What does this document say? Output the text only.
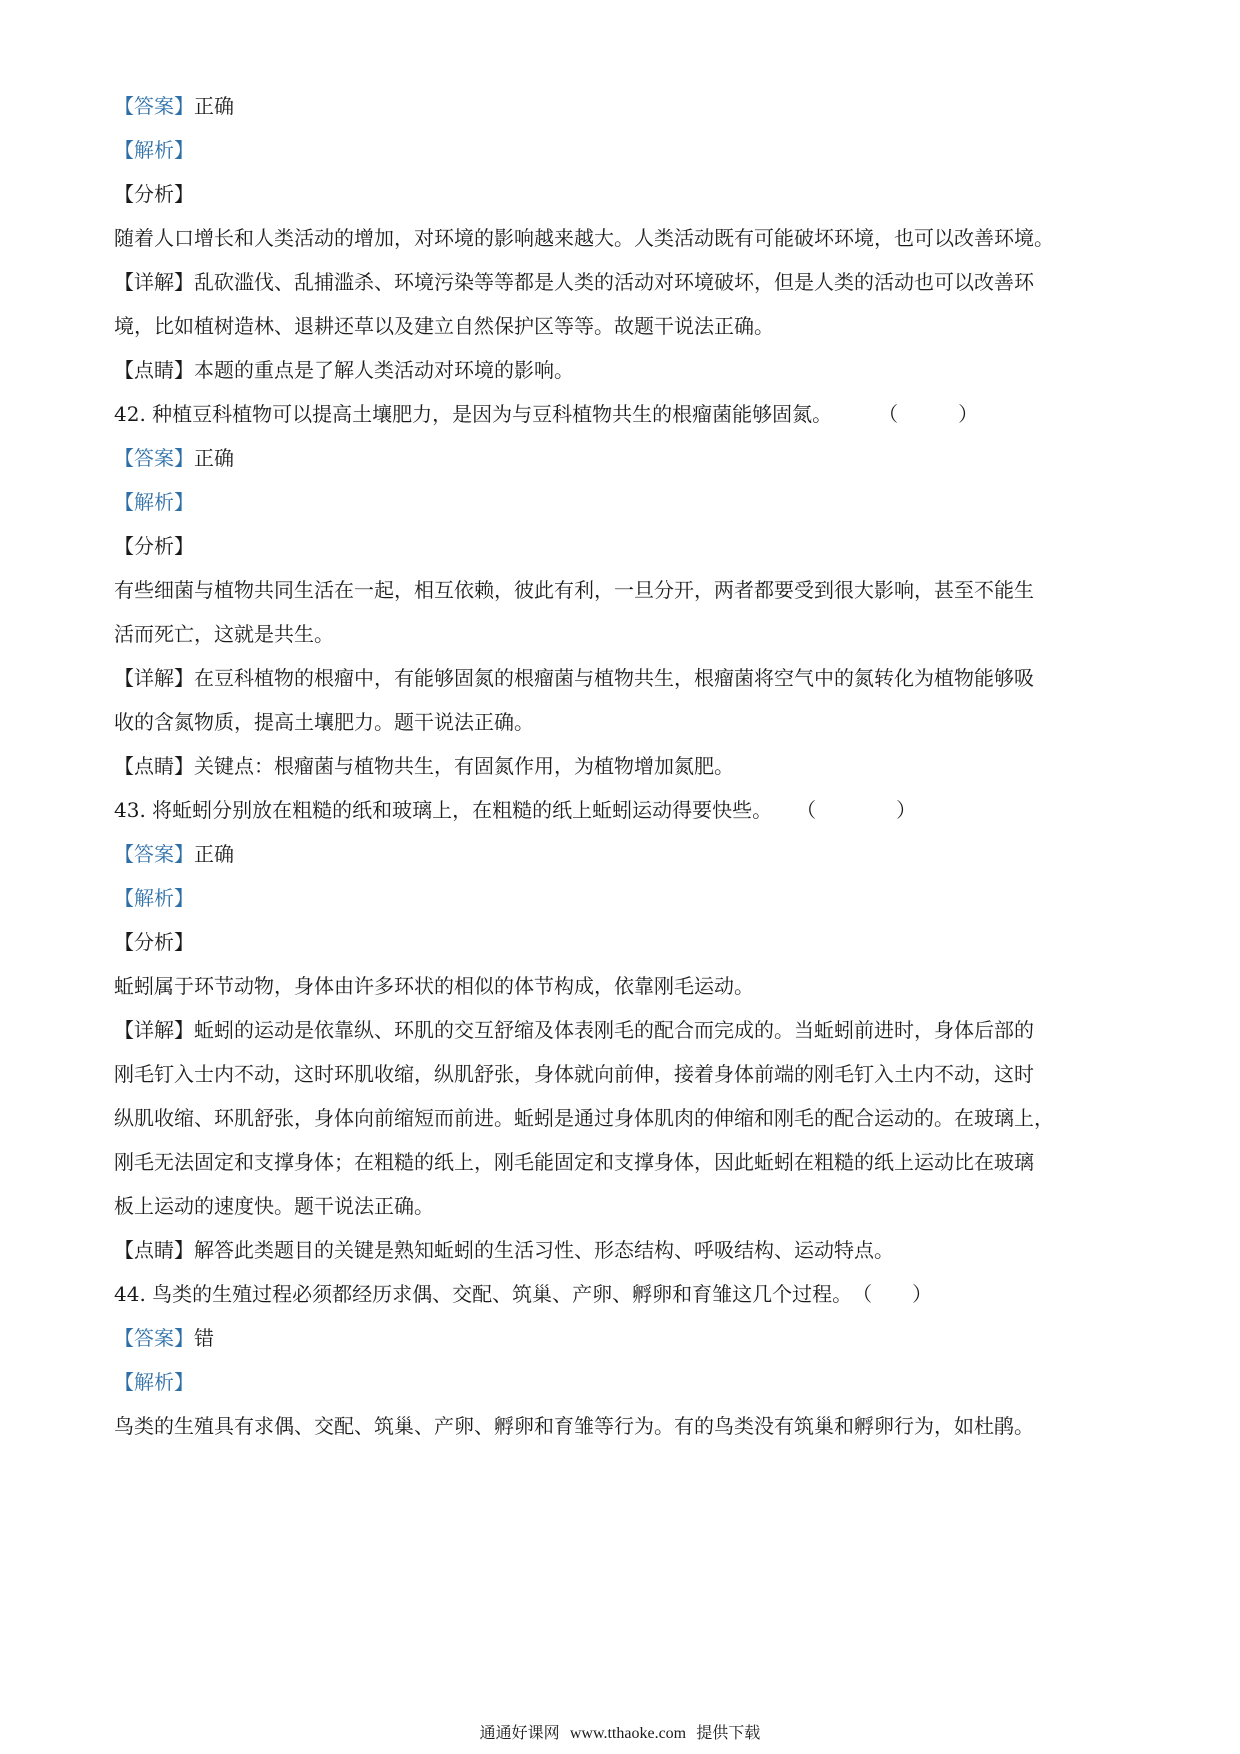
【答案】正确
【解析】
【分析】
随着人口增长和人类活动的增加，对环境的影响越来越大。人类活动既有可能破坏环境，也可以改善环境。
【详解】乱砍滥伐、乱捕滥杀、环境污染等等都是人类的活动对环境破坏，但是人类的活动也可以改善环
境，比如植树造林、退耕还草以及建立自然保护区等等。故题干说法正确。
【点睛】本题的重点是了解人类活动对环境的影响。
42. 种植豆科植物可以提高土壤肥力，是因为与豆科植物共生的根瘤菌能够固氮。 （　　　）
【答案】正确
【解析】
【分析】
有些细菌与植物共同生活在一起，相互依赖，彼此有利，一旦分开，两者都要受到很大影响，甚至不能生
活而死亡，这就是共生。
【详解】在豆科植物的根瘤中，有能够固氮的根瘤菌与植物共生，根瘤菌将空气中的氮转化为植物能够吸
收的含氮物质，提高土壤肥力。题干说法正确。
【点睛】关键点：根瘤菌与植物共生，有固氮作用，为植物增加氮肥。
43. 将蚯蚓分别放在粗糙的纸和玻璃上，在粗糙的纸上蚯蚓运动得要快些。 （　　　　）
【答案】正确
【解析】
【分析】
蚯蚓属于环节动物，身体由许多环状的相似的体节构成，依靠刚毛运动。
【详解】蚯蚓的运动是依靠纵、环肌的交互舒缩及体表刚毛的配合而完成的。当蚯蚓前进时，身体后部的
刚毛钉入士内不动，这时环肌收缩，纵肌舒张，身体就向前伸，接着身体前端的刚毛钉入土内不动，这时
纵肌收缩、环肌舒张，身体向前缩短而前进。蚯蚓是通过身体肌肉的伸缩和刚毛的配合运动的。在玻璃上，
刚毛无法固定和支撑身体；在粗糙的纸上，刚毛能固定和支撑身体，因此蚯蚓在粗糙的纸上运动比在玻璃
板上运动的速度快。题干说法正确。
【点睛】解答此类题目的关键是熟知蚯蚓的生活习性、形态结构、呼吸结构、运动特点。
44. 鸟类的生殖过程必须都经历求偶、交配、筑巢、产卵、孵卵和育雏这几个过程。（　　）
【答案】错
【解析】
鸟类的生殖具有求偶、交配、筑巢、产卵、孵卵和育雏等行为。有的鸟类没有筑巢和孵卵行为，如杜鹃。
通通好课网 www.tthaoke.com 提供下载
